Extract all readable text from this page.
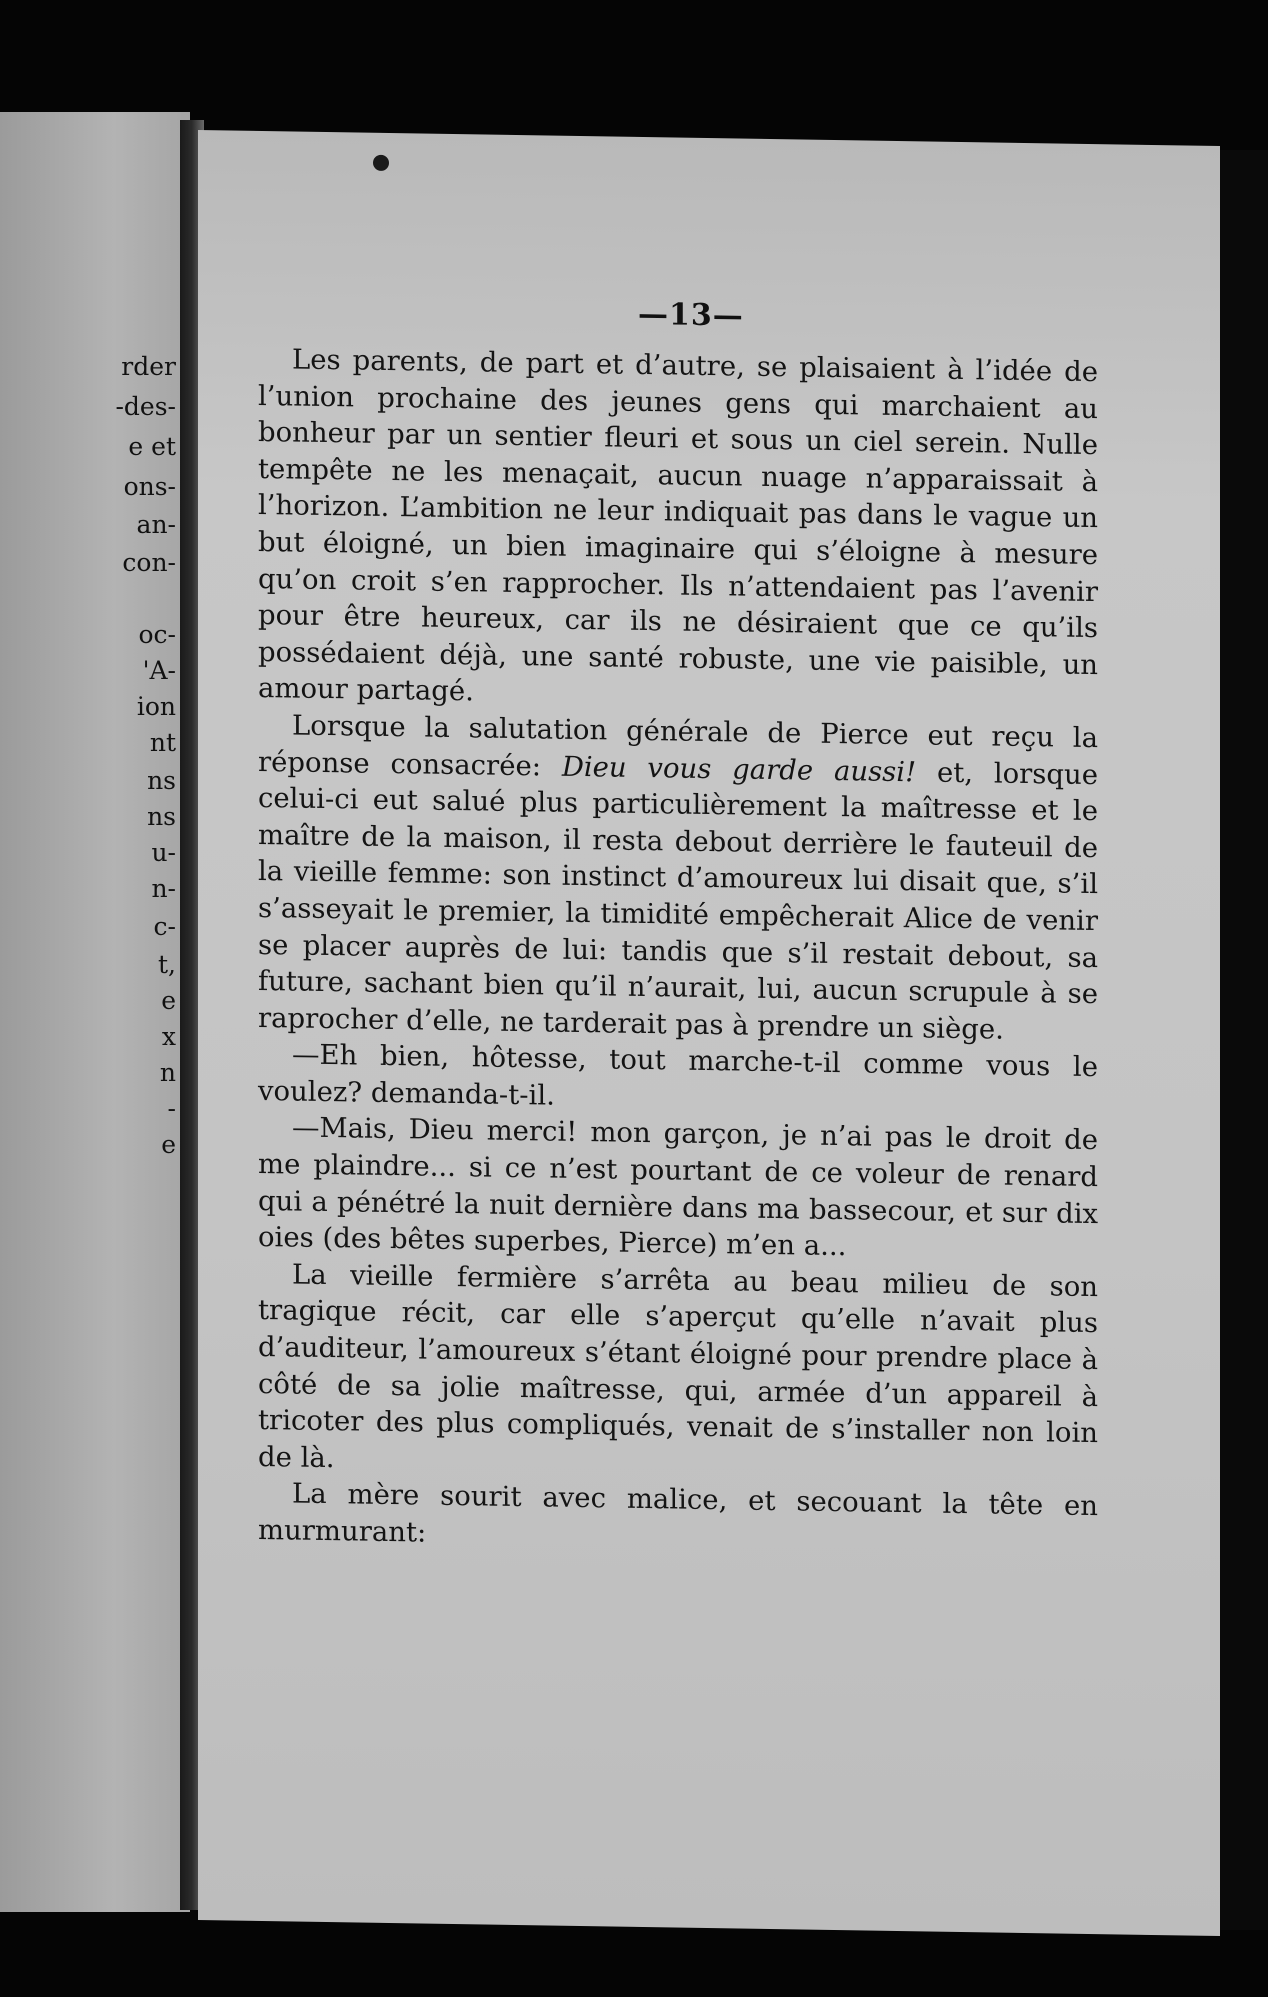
rder
-des-
e et
ons-
an-
con-
oc-
'A-
ion
nt
ns
ns
u-
n-
c-
t,
e
x
n
-
e
—13—

Les parents, de part et d’autre, se plaisaient à l’idée de l’union prochaine des jeunes gens qui marchaient au bonheur par un sentier fleuri et sous un ciel serein. Nulle tempête ne les menaçait, aucun nuage n’apparaissait à l’horizon. L’ambition ne leur indiquait pas dans le vague un but éloigné, un bien imaginaire qui s’éloigne à mesure qu’on croit s’en rapprocher. Ils n’attendaient pas l’avenir pour être heureux, car ils ne désiraient que ce qu’ils possédaient déjà, une santé robuste, une vie paisible, un amour partagé.

Lorsque la salutation générale de Pierce eut reçu la réponse consacrée: Dieu vous garde aussi! et, lorsque celui-ci eut salué plus particulièrement la maîtresse et le maître de la maison, il resta debout derrière le fauteuil de la vieille femme: son instinct d’amoureux lui disait que, s’il s’asseyait le premier, la timidité empêcherait Alice de venir se placer auprès de lui: tandis que s’il restait debout, sa future, sachant bien qu’il n’aurait, lui, aucun scrupule à se raprocher d’elle, ne tarderait pas à prendre un siège.

—Eh bien, hôtesse, tout marche-t-il comme vous le voulez? demanda-t-il.

—Mais, Dieu merci! mon garçon, je n’ai pas le droit de me plaindre... si ce n’est pourtant de ce voleur de renard qui a pénétré la nuit dernière dans ma bassecour, et sur dix oies (des bêtes superbes, Pierce) m’en a...

La vieille fermière s’arrêta au beau milieu de son tragique récit, car elle s’aperçut qu’elle n’avait plus d’auditeur, l’amoureux s’étant éloigné pour prendre place à côté de sa jolie maîtresse, qui, armée d’un appareil à tricoter des plus compliqués, venait de s’installer non loin de là.

La mère sourit avec malice, et secouant la tête en murmurant:
